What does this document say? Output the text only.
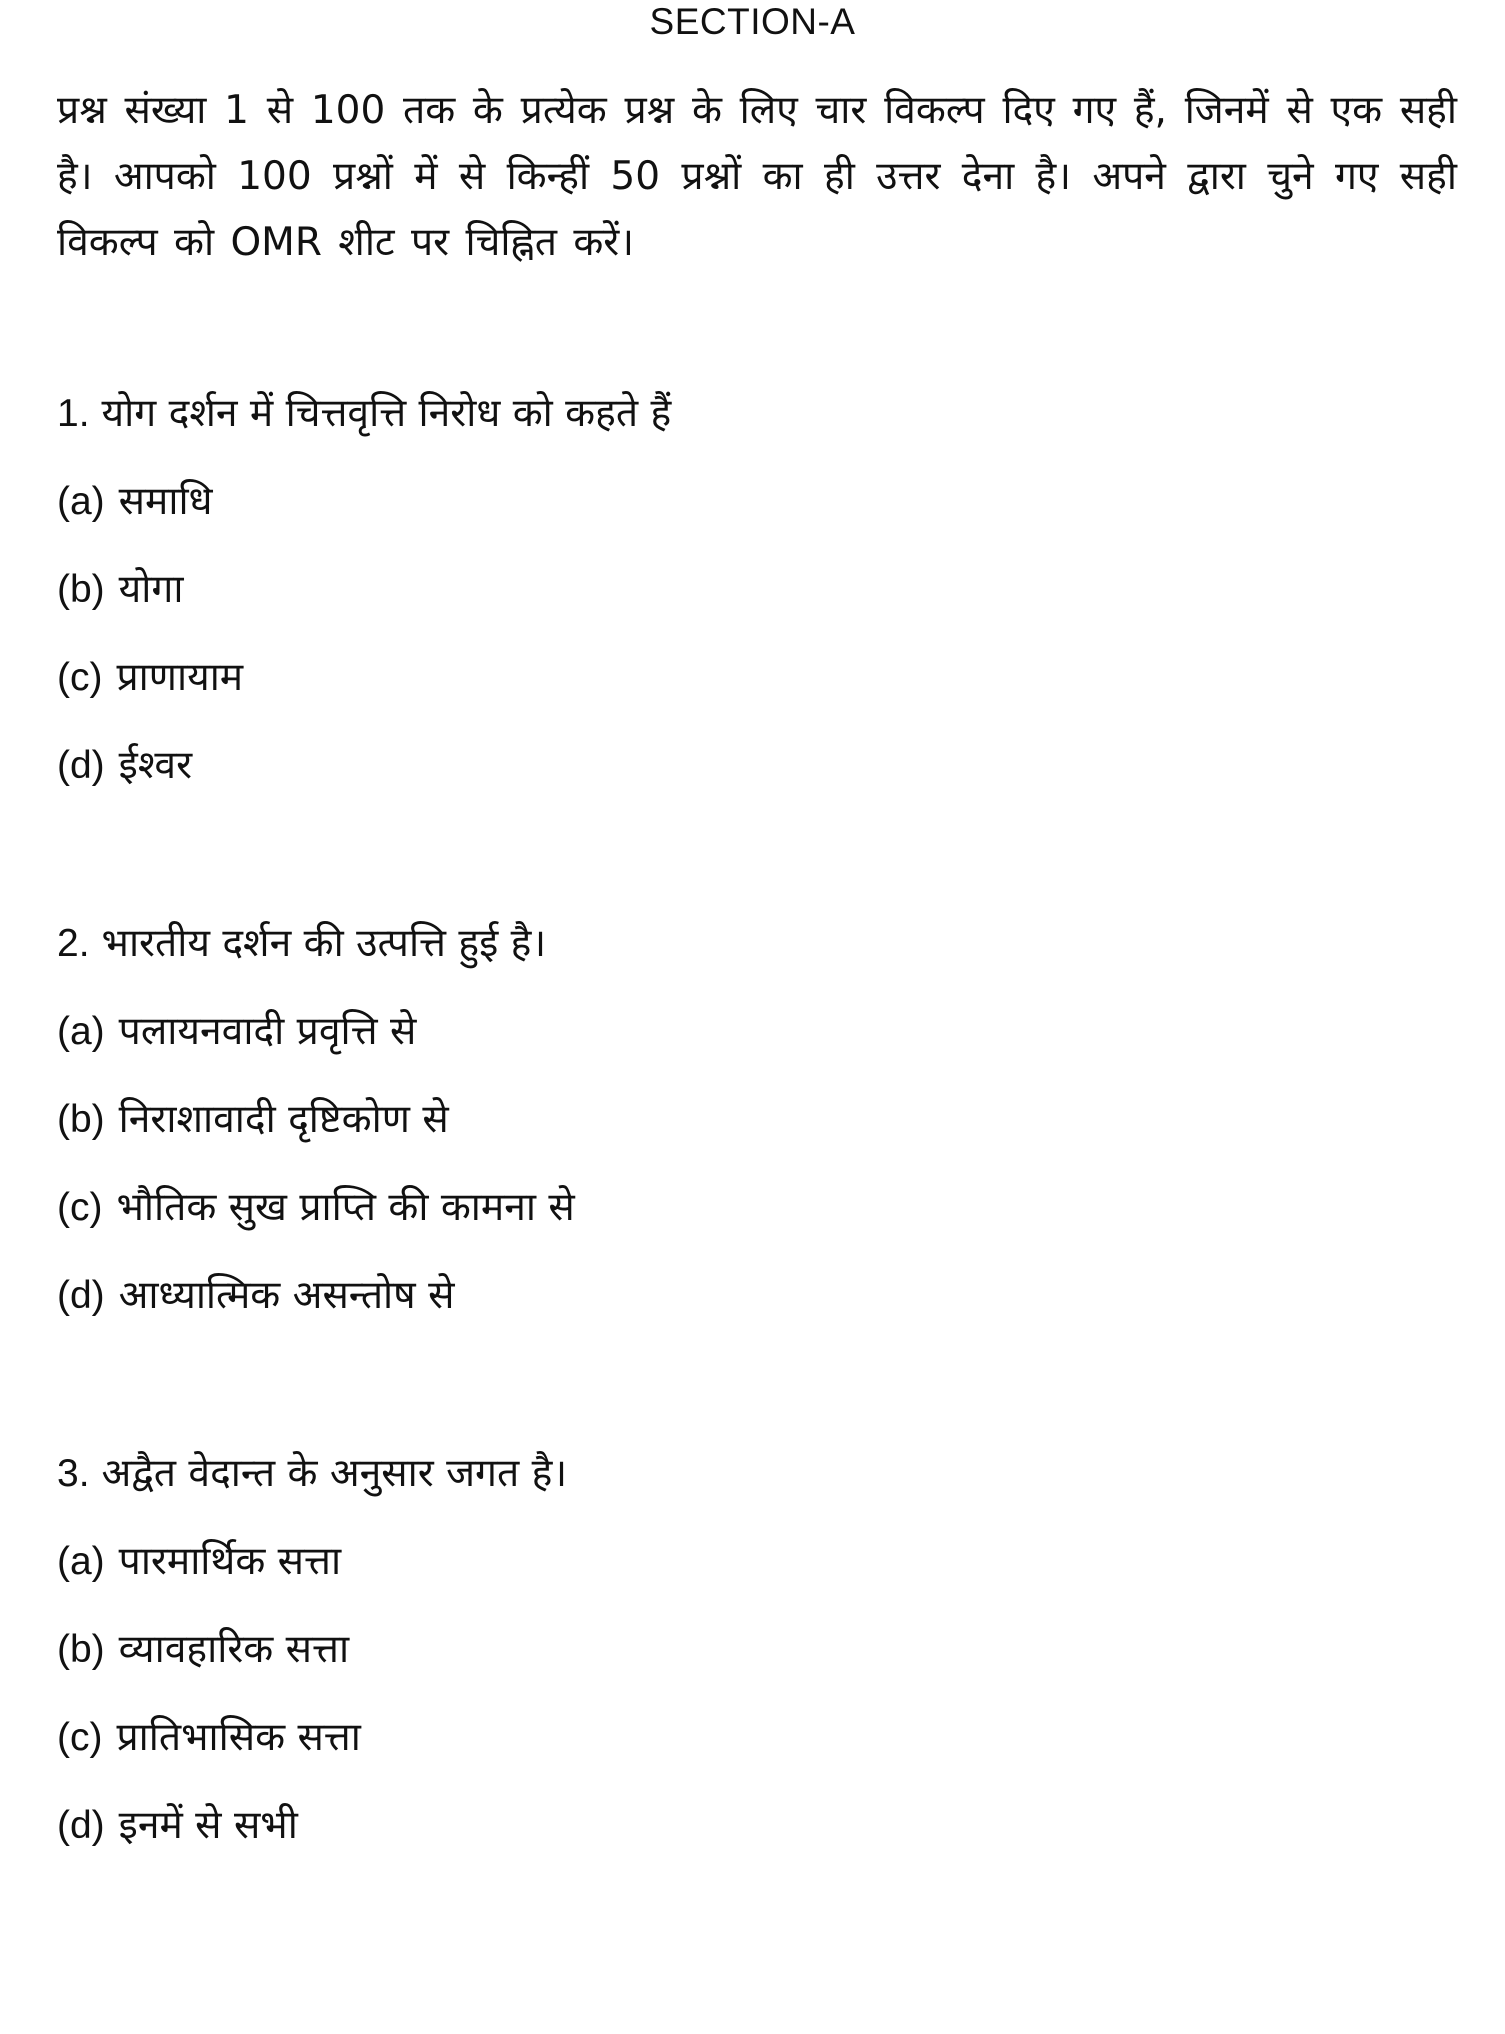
SECTION-A

प्रश्न संख्या 1 से 100 तक के प्रत्येक प्रश्न के लिए चार विकल्प दिए गए हैं, जिनमें से एक सही है। आपको 100 प्रश्नों में से किन्हीं 50 प्रश्नों का ही उत्तर देना है। अपने द्वारा चुने गए सही विकल्प को OMR शीट पर चिह्नित करें।

1. योग दर्शन में चित्तवृत्ति निरोध को कहते हैं
(a) समाधि
(b) योगा
(c) प्राणायाम
(d) ईश्वर
2. भारतीय दर्शन की उत्पत्ति हुई है।
(a) पलायनवादी प्रवृत्ति से
(b) निराशावादी दृष्टिकोण से
(c) भौतिक सुख प्राप्ति की कामना से
(d) आध्यात्मिक असन्तोष से
3. अद्वैत वेदान्त के अनुसार जगत है।
(a) पारमार्थिक सत्ता
(b) व्यावहारिक सत्ता
(c) प्रातिभासिक सत्ता
(d) इनमें से सभी
